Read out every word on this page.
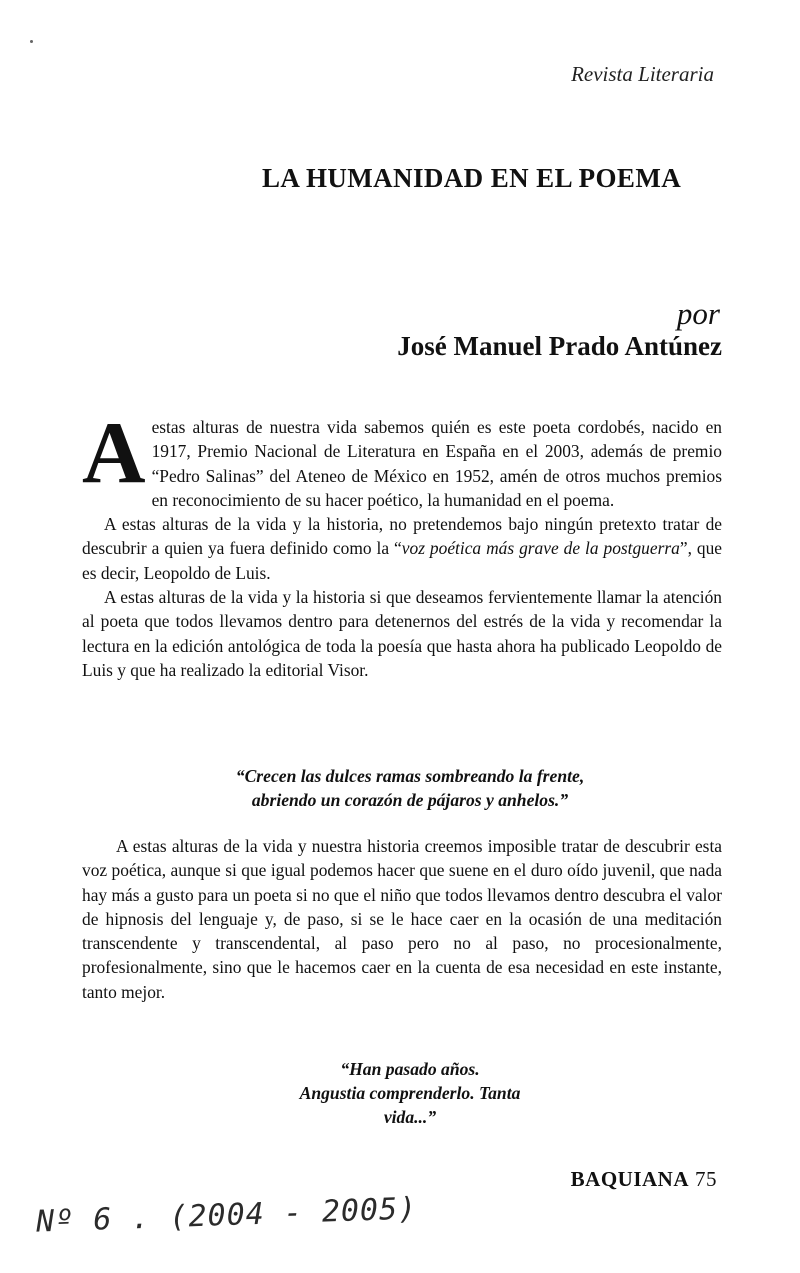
Revista Literaria
LA HUMANIDAD EN EL POEMA
por
José Manuel Prado Antúnez

Aestas alturas de nuestra vida sabemos quién es este poeta cordobés, nacido en 1917, Premio Nacional de Literatura en España en el 2003, además de premio “Pedro Salinas” del Ateneo de México en 1952, amén de otros muchos premios en reconocimiento de su hacer poético, la humanidad en el poema.

A estas alturas de la vida y la historia, no pretendemos bajo ningún pretexto tratar de descubrir a quien ya fuera definido como la “voz poética más grave de la postguerra”, que es decir, Leopoldo de Luis.

A estas alturas de la vida y la historia si que deseamos fervientemente llamar la atención al poeta que todos llevamos dentro para detenernos del estrés de la vida y recomendar la lectura en la edición antológica de toda la poesía que hasta ahora ha publicado Leopoldo de Luis y que ha realizado la editorial Visor.

“Crecen las dulces ramas sombreando la frente,
abriendo un corazón de pájaros y anhelos.”

A estas alturas de la vida y nuestra historia creemos imposible tratar de descubrir esta voz poética, aunque si que igual podemos hacer que suene en el duro oído juvenil, que nada hay más a gusto para un poeta si no que el niño que todos llevamos dentro descubra el valor de hipnosis del lenguaje y, de paso, si se le hace caer en la ocasión de una meditación transcendente y transcendental, al paso pero no al paso, no procesionalmente, profesionalmente, sino que le hacemos caer en la cuenta de esa necesidad en este instante, tanto mejor.

“Han pasado años.
Angustia comprenderlo. Tanta
vida...”
BAQUIANA 75
Nº 6 . (2004 - 2005)
